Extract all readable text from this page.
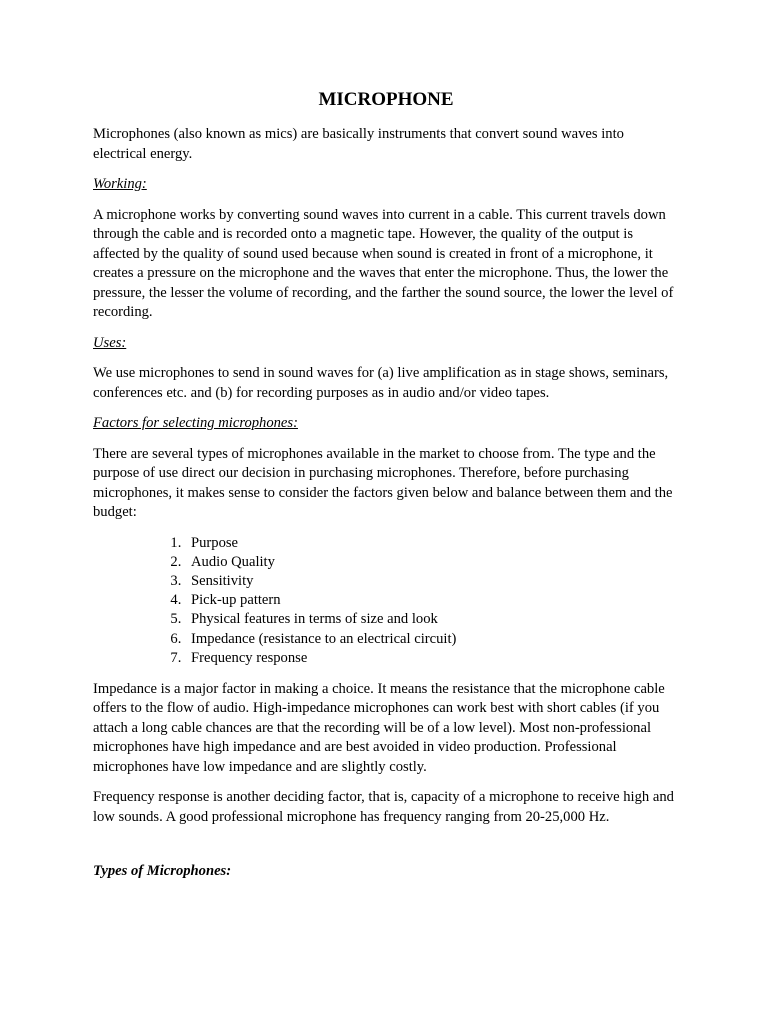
MICROPHONE

Microphones (also known as mics) are basically instruments that convert sound waves into electrical energy.

Working:

A microphone works by converting sound waves into current in a cable. This current travels down through the cable and is recorded onto a magnetic tape. However, the quality of the output is affected by the quality of sound used because when sound is created in front of a microphone, it creates a pressure on the microphone and the waves that enter the microphone. Thus, the lower the pressure, the lesser the volume of recording, and the farther the sound source, the lower the level of recording.

Uses:

We use microphones to send in sound waves for (a) live amplification as in stage shows, seminars, conferences etc. and (b) for recording purposes as in audio and/or video tapes.

Factors for selecting microphones:

There are several types of microphones available in the market to choose from. The type and the purpose of use direct our decision in purchasing microphones. Therefore, before purchasing microphones, it makes sense to consider the factors given below and balance between them and the budget:

1. Purpose
2. Audio Quality
3. Sensitivity
4. Pick-up pattern
5. Physical features in terms of size and look
6. Impedance (resistance to an electrical circuit)
7. Frequency response

Impedance is a major factor in making a choice. It means the resistance that the microphone cable offers to the flow of audio. High-impedance microphones can work best with short cables (if you attach a long cable chances are that the recording will be of a low level). Most non-professional microphones have high impedance and are best avoided in video production. Professional microphones have low impedance and are slightly costly.

Frequency response is another deciding factor, that is, capacity of a microphone to receive high and low sounds. A good professional microphone has frequency ranging from 20-25,000 Hz.

Types of Microphones:
